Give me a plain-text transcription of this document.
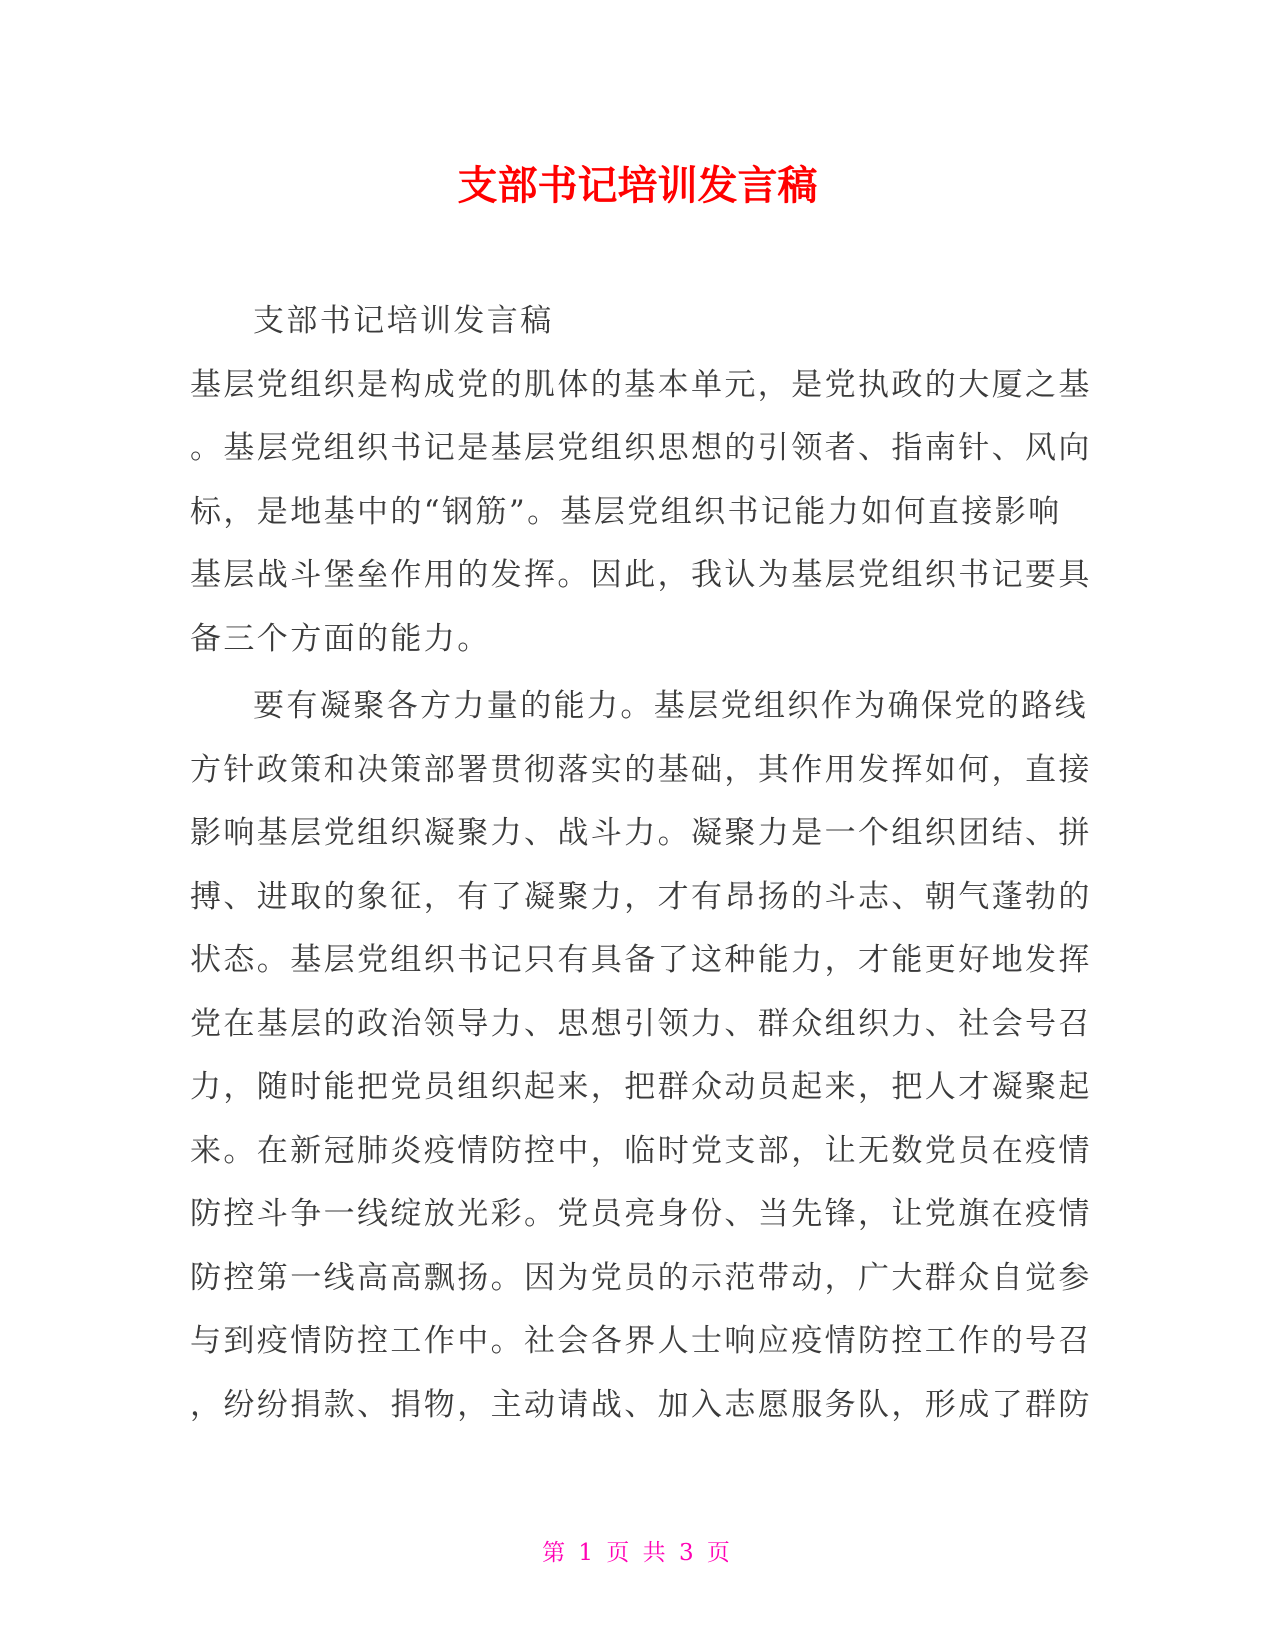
支部书记培训发言稿
支部书记培训发言稿
基层党组织是构成党的肌体的基本单元，是党执政的大厦之基
。基层党组织书记是基层党组织思想的引领者、指南针、风向
标，是地基中的“钢筋”。基层党组织书记能力如何直接影响
基层战斗堡垒作用的发挥。因此，我认为基层党组织书记要具
备三个方面的能力。
要有凝聚各方力量的能力。基层党组织作为确保党的路线
方针政策和决策部署贯彻落实的基础，其作用发挥如何，直接
影响基层党组织凝聚力、战斗力。凝聚力是一个组织团结、拼
搏、进取的象征，有了凝聚力，才有昂扬的斗志、朝气蓬勃的
状态。基层党组织书记只有具备了这种能力，才能更好地发挥
党在基层的政治领导力、思想引领力、群众组织力、社会号召
力，随时能把党员组织起来，把群众动员起来，把人才凝聚起
来。在新冠肺炎疫情防控中，临时党支部，让无数党员在疫情
防控斗争一线绽放光彩。党员亮身份、当先锋，让党旗在疫情
防控第一线高高飘扬。因为党员的示范带动，广大群众自觉参
与到疫情防控工作中。社会各界人士响应疫情防控工作的号召
，纷纷捐款、捐物，主动请战、加入志愿服务队，形成了群防
第 1 页 共 3 页
